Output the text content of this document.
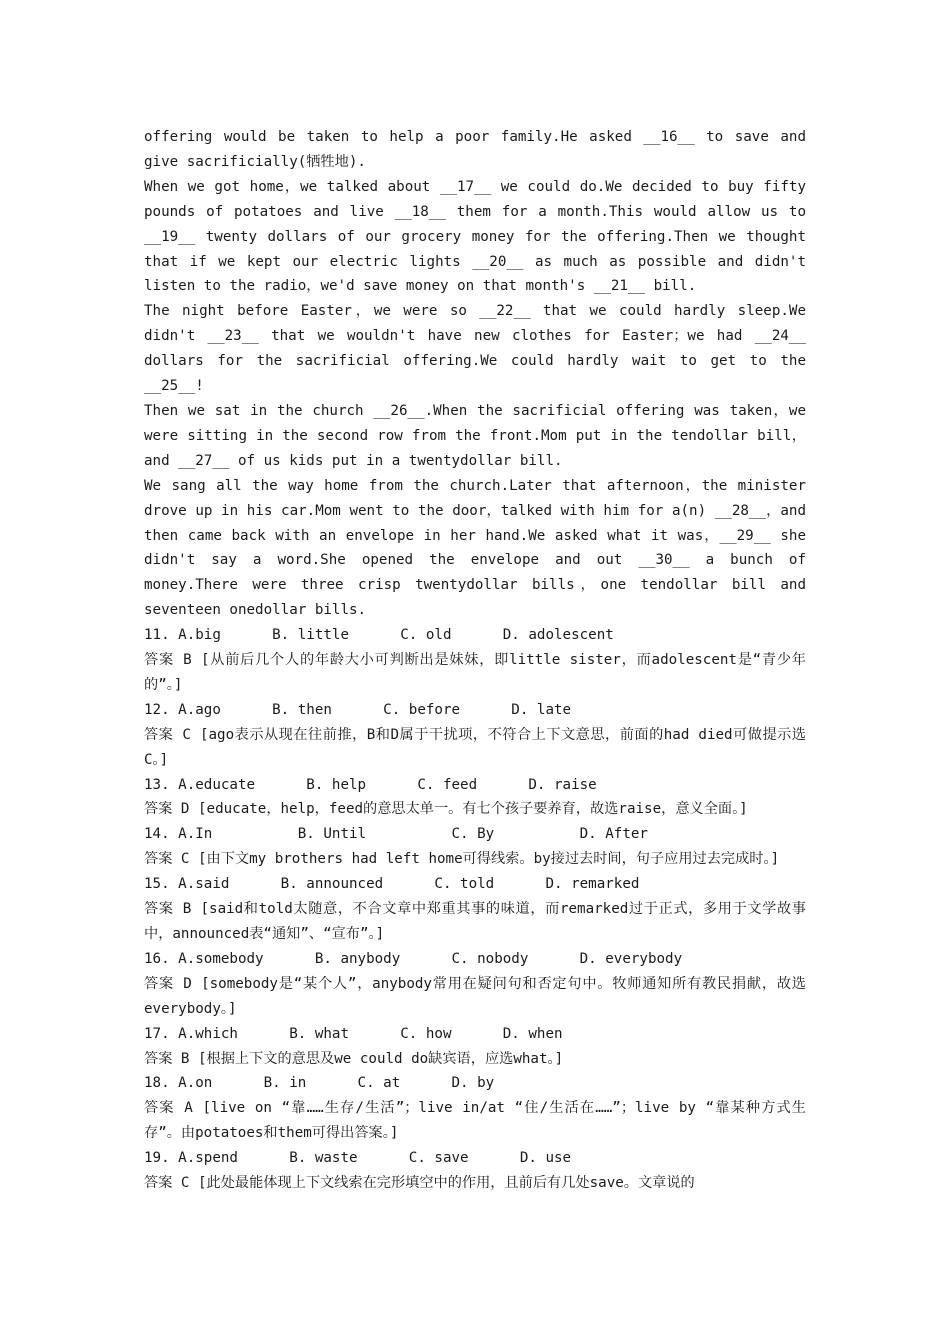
offering would be taken to help a poor family.He asked __16__ to save and give sacrificially(牺牲地).

When we got home，we talked about __17__ we could do.We decided to buy fifty pounds of potatoes and live __18__ them for a month.This would allow us to __19__ twenty dollars of our grocery money for the offering.Then we thought that if we kept our electric lights __20__ as much as possible and didn't listen to the radio，we'd save money on that month's __21__ bill.

The night before Easter，we were so __22__ that we could hardly sleep.We didn't __23__ that we wouldn't have new clothes for Easter；we had __24__ dollars for the sacrificial offering.We could hardly wait to get to the __25__!

Then we sat in the church __26__.When the sacrificial offering was taken，we were sitting in the second row from the front.Mom put in the tendollar bill，and __27__ of us kids put in a twentydollar bill.

We sang all the way home from the church.Later that afternoon，the minister drove up in his car.Mom went to the door，talked with him for a(n) __28__，and then came back with an envelope in her hand.We asked what it was，__29__ she didn't say a word.She opened the envelope and out __30__ a bunch of money.There were three crisp twentydollar bills，one tendollar bill and seventeen onedollar bills.

11. A.big      B. little      C. old      D. adolescent

答案 B [从前后几个人的年龄大小可判断出是妹妹，即little sister，而adolescent是“青少年的”。]

12. A.ago      B. then      C. before      D. late

答案 C [ago表示从现在往前推，B和D属于干扰项，不符合上下文意思，前面的had died可做提示选C。]

13. A.educate      B. help      C. feed      D. raise

答案 D [educate，help，feed的意思太单一。有七个孩子要养育，故选raise，意义全面。]

14. A.In          B. Until          C. By          D. After

答案 C [由下文my brothers had left home可得线索。by接过去时间，句子应用过去完成时。]

15. A.said      B. announced      C. told      D. remarked

答案 B [said和told太随意，不合文章中郑重其事的味道，而remarked过于正式，多用于文学故事中，announced表“通知”、“宣布”。]

16. A.somebody      B. anybody      C. nobody      D. everybody

答案 D [somebody是“某个人”，anybody常用在疑问句和否定句中。牧师通知所有教民捐献，故选everybody。]

17. A.which      B. what      C. how      D. when

答案 B [根据上下文的意思及we could do缺宾语，应选what。]

18. A.on      B. in      C. at      D. by

答案 A [live on “靠……生存/生活”；live in/at “住/生活在……”；live by “靠某种方式生存”。由potatoes和them可得出答案。]

19. A.spend      B. waste      C. save      D. use

答案 C [此处最能体现上下文线索在完形填空中的作用，且前后有几处save。文章说的
